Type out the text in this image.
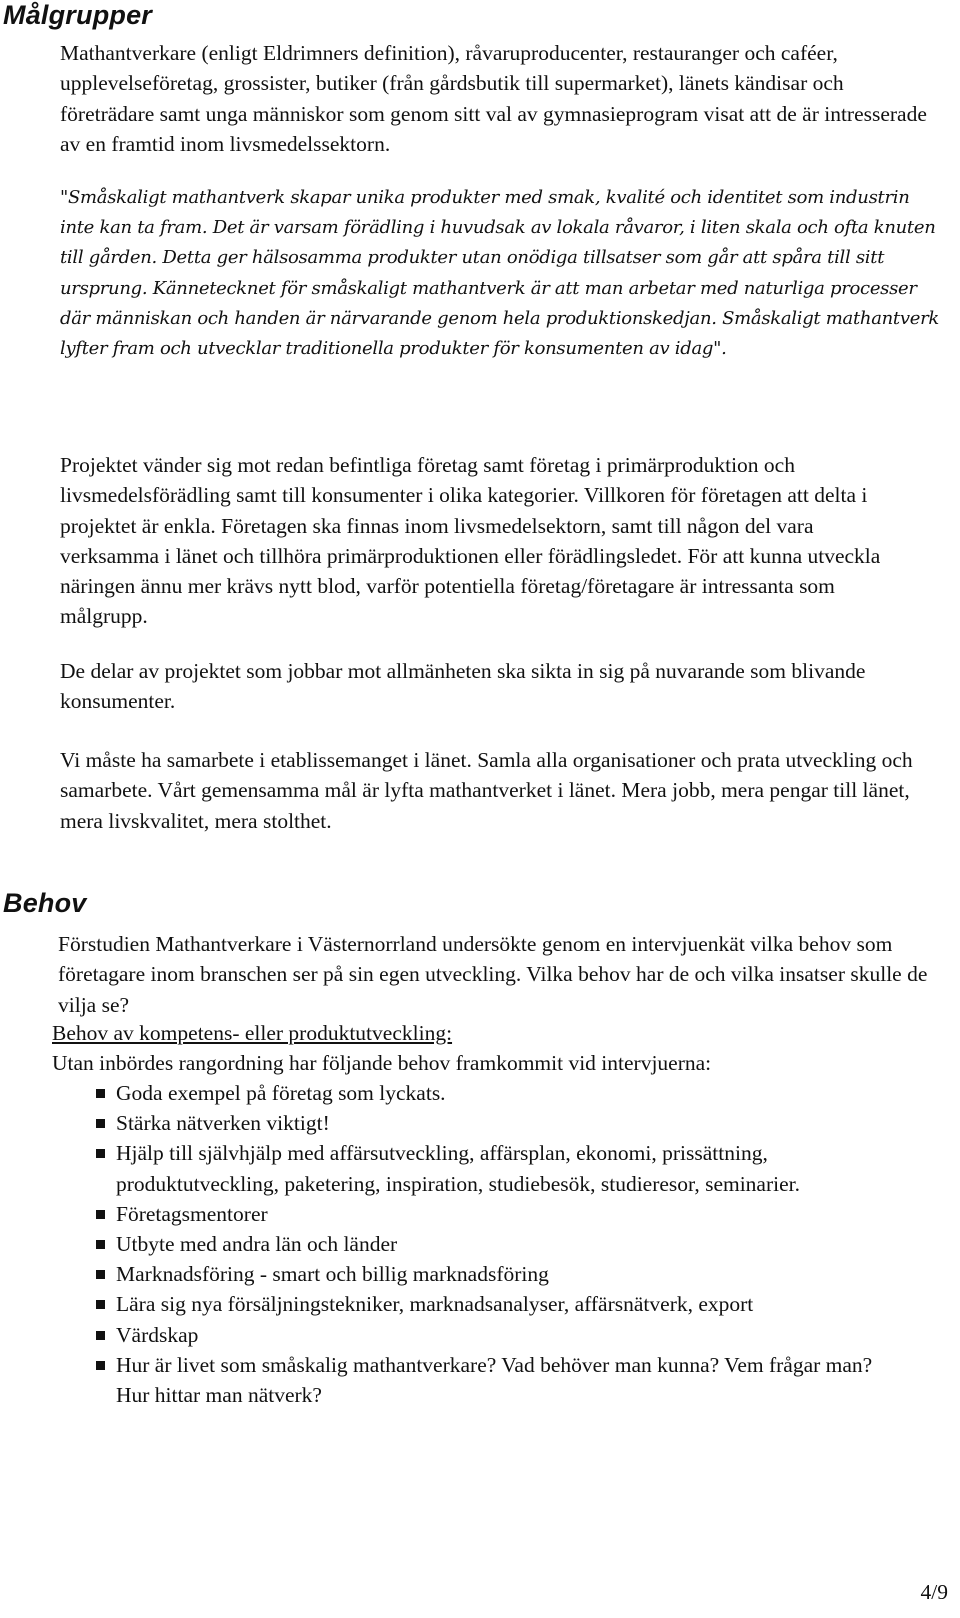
Målgrupper

Mathantverkare (enligt Eldrimners definition), råvaruproducenter, restauranger och caféer, upplevelseföretag, grossister, butiker (från gårdsbutik till supermarket), länets kändisar och företrädare samt unga människor som genom sitt val av gymnasieprogram visat att de är intresserade av en framtid inom livsmedelssektorn.

"Småskaligt mathantverk skapar unika produkter med smak, kvalité och identitet som industrin inte kan ta fram. Det är varsam förädling i huvudsak av lokala råvaror, i liten skala och ofta knuten till gården. Detta ger hälsosamma produkter utan onödiga tillsatser som går att spåra till sitt ursprung. Kännetecknet för småskaligt mathantverk är att man arbetar med naturliga processer där människan och handen är närvarande genom hela produktionskedjan. Småskaligt mathantverk lyfter fram och utvecklar traditionella produkter för konsumenten av idag".

Projektet vänder sig mot redan befintliga företag samt företag i primärproduktion och livsmedelsförädling samt till konsumenter i olika kategorier. Villkoren för företagen att delta i projektet är enkla. Företagen ska finnas inom livsmedelsektorn, samt till någon del vara verksamma i länet och tillhöra primärproduktionen eller förädlingsledet. För att kunna utveckla näringen ännu mer krävs nytt blod, varför potentiella företag/företagare är intressanta som målgrupp.

De delar av projektet som jobbar mot allmänheten ska sikta in sig på nuvarande som blivande konsumenter.

Vi måste ha samarbete i etablissemanget i länet. Samla alla organisationer och prata utveckling och samarbete. Vårt gemensamma mål är lyfta mathantverket i länet. Mera jobb, mera pengar till länet, mera livskvalitet, mera stolthet.

Behov

Förstudien Mathantverkare i Västernorrland undersökte genom en intervjuenkät vilka behov som företagare inom branschen ser på sin egen utveckling. Vilka behov har de och vilka insatser skulle de vilja se?

Behov av kompetens- eller produktutveckling:

Utan inbördes rangordning har följande behov framkommit vid intervjuerna:

Goda exempel på företag som lyckats.
Stärka nätverken viktigt!
Hjälp till självhjälp med affärsutveckling, affärsplan, ekonomi, prissättning, produktutveckling, paketering, inspiration, studiebesök, studieresor, seminarier.
Företagsmentorer
Utbyte med andra län och länder
Marknadsföring - smart och billig marknadsföring
Lära sig nya försäljningstekniker, marknadsanalyser, affärsnätverk, export
Värdskap
Hur är livet som småskalig mathantverkare? Vad behöver man kunna? Vem frågar man? Hur hittar man nätverk?
4/9
